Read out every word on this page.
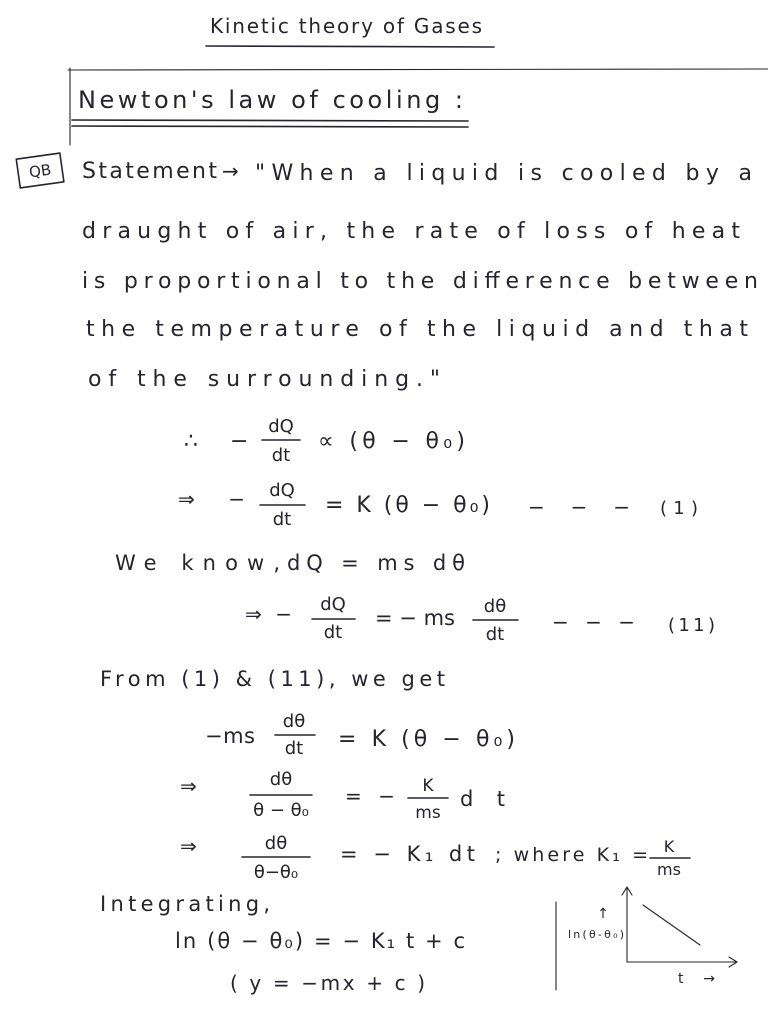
Kinetic theory of Gases
Newton's law of cooling :
QB Statement → "When a liquid is cooled by a
draught of air, the rate of loss of heat
is proportional to the difference between
the temperature of the liquid and that
of the surrounding."
∴ −
dQ
dt
∝ (θ − θ₀)
⇒ − dQ
dt
= K (θ − θ₀) − − − (1)
We know, dQ = ms dθ
⇒ − dQ
dt
= − ms dθ
dt
− − − (11)
From (1) & (11), we get
−ms
dθ
dt = K (θ − θ₀)
⇒	dθ
θ − θ₀
= − K
ms
dt
⇒	dθ
θ−θ₀
= − K₁ dt ; where K₁ = K
ms
Integrating,
ln (θ − θ₀) = − K₁ t + c
( y = −mx + c )
↑
ln(θ-θ₀)
t →
